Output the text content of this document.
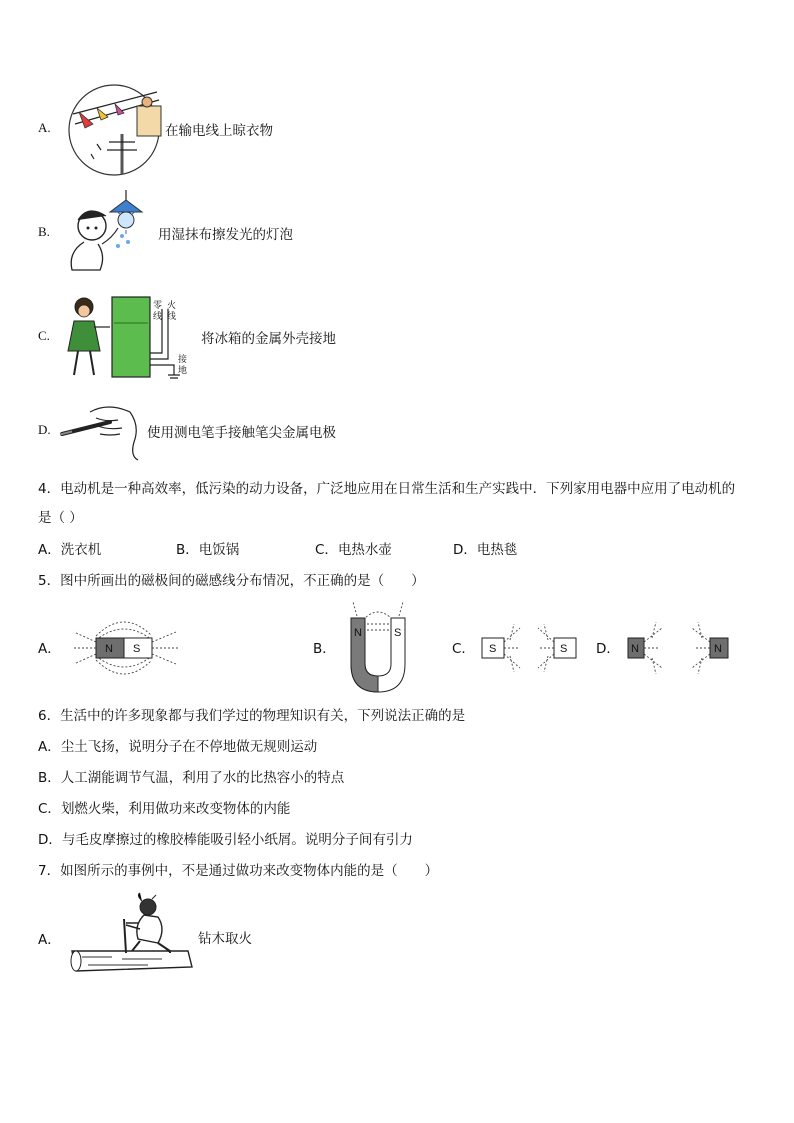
A.	在输电线上晾衣物
B.	用湿抹布擦发光的灯泡
C.
零线
火线
接地
将冰箱的金属外壳接地
D.	使用测电笔手接触笔尖金属电极
4．电动机是一种高效率，低污染的动力设备，广泛地应用在日常生活和生产实践中．下列家用电器中应用了电动机的
是（ ）
A．洗衣机	B．电饭锅	C．电热水壶	D．电热毯
5．图中所画出的磁极间的磁感线分布情况，不正确的是（　　）
A．	N S	B．
N	S
C． S	S D． N	N
6．生活中的许多现象都与我们学过的物理知识有关，下列说法正确的是
A．尘土飞扬，说明分子在不停地做无规则运动
B．人工湖能调节气温，利用了水的比热容小的特点
C．划燃火柴，利用做功来改变物体的内能
D．与毛皮摩擦过的橡胶棒能吸引轻小纸屑。说明分子间有引力
7．如图所示的事例中，不是通过做功来改变物体内能的是（　　）
A．	钻木取火
